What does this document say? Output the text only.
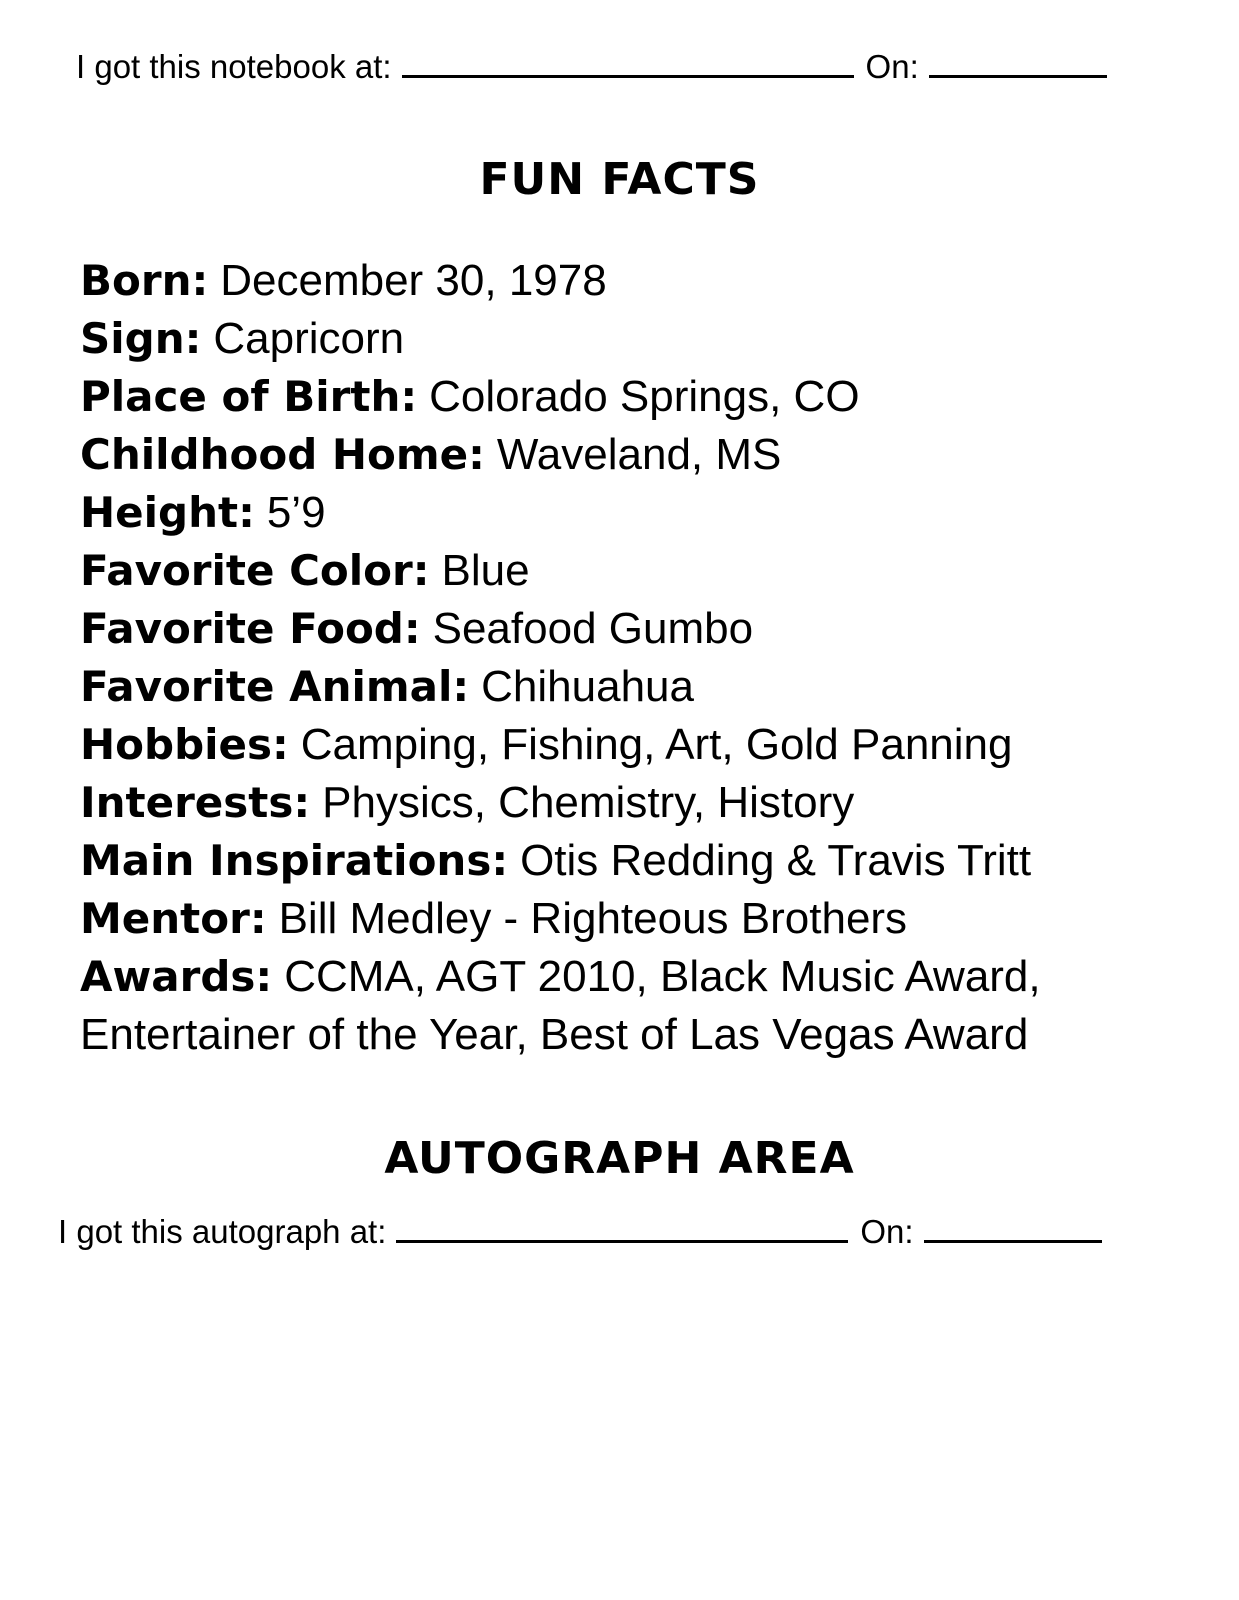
I got this notebook at:	On:
FUN FACTS
Born: December 30, 1978
Sign: Capricorn
Place of Birth: Colorado Springs, CO
Childhood Home: Waveland, MS
Height: 5’9
Favorite Color: Blue
Favorite Food: Seafood Gumbo
Favorite Animal: Chihuahua
Hobbies: Camping, Fishing, Art, Gold Panning
Interests: Physics, Chemistry, History
Main Inspirations: Otis Redding & Travis Tritt
Mentor: Bill Medley - Righteous Brothers
Awards: CCMA, AGT 2010, Black Music Award,
Entertainer of the Year, Best of Las Vegas Award
AUTOGRAPH AREA
I got this autograph at:	On:
